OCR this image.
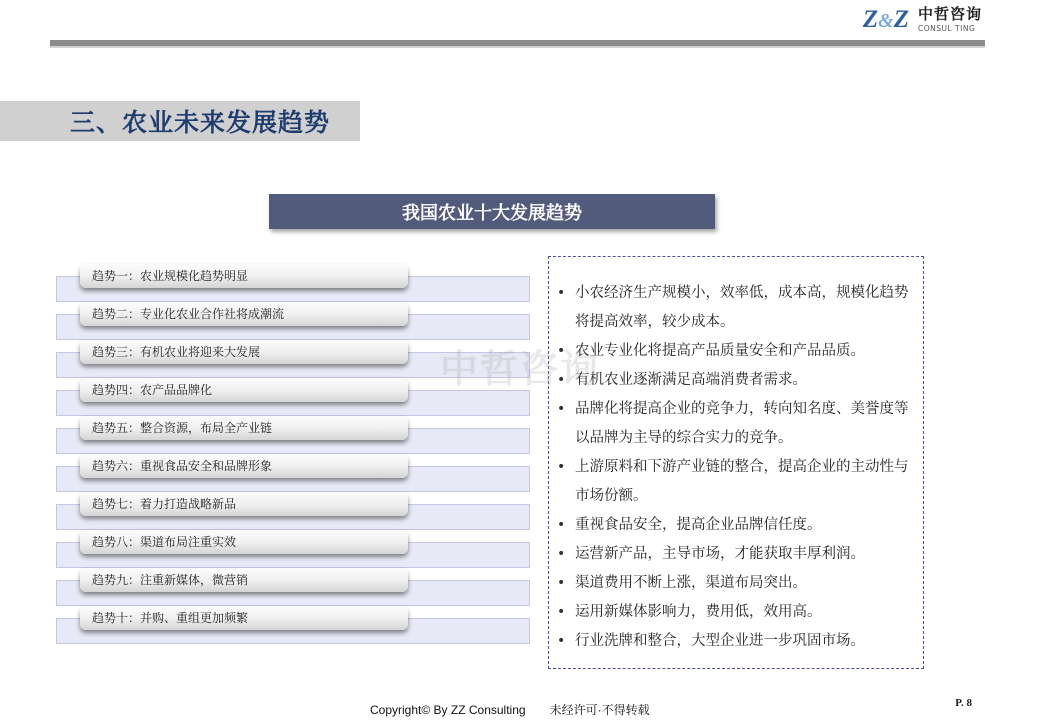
Z&Z 中哲咨询
CONSUL TING
三、农业未来发展趋势
我国农业十大发展趋势
趋势一：农业规模化趋势明显
趋势二：专业化农业合作社将成潮流
趋势三：有机农业将迎来大发展
趋势四：农产品品牌化
趋势五：整合资源，布局全产业链
趋势六：重视食品安全和品牌形象
趋势七：着力打造战略新品
趋势八：渠道布局注重实效
趋势九：注重新媒体，微营销
趋势十：并购、重组更加频繁
• 小农经济生产规模小，效率低，成本高，规模化趋势将提高效率，较少成本。
• 农业专业化将提高产品质量安全和产品品质。
• 有机农业逐渐满足高端消费者需求。
• 品牌化将提高企业的竞争力，转向知名度、美誉度等以品牌为主导的综合实力的竞争。
• 上游原料和下游产业链的整合，提高企业的主动性与市场份额。
• 重视食品安全，提高企业品牌信任度。
• 运营新产品，主导市场，才能获取丰厚利润。
• 渠道费用不断上涨，渠道布局突出。
• 运用新媒体影响力，费用低，效用高。
• 行业洗牌和整合，大型企业进一步巩固市场。
中哲咨询
Copyright© By ZZ Consulting 未经许可·不得转载	P. 8
